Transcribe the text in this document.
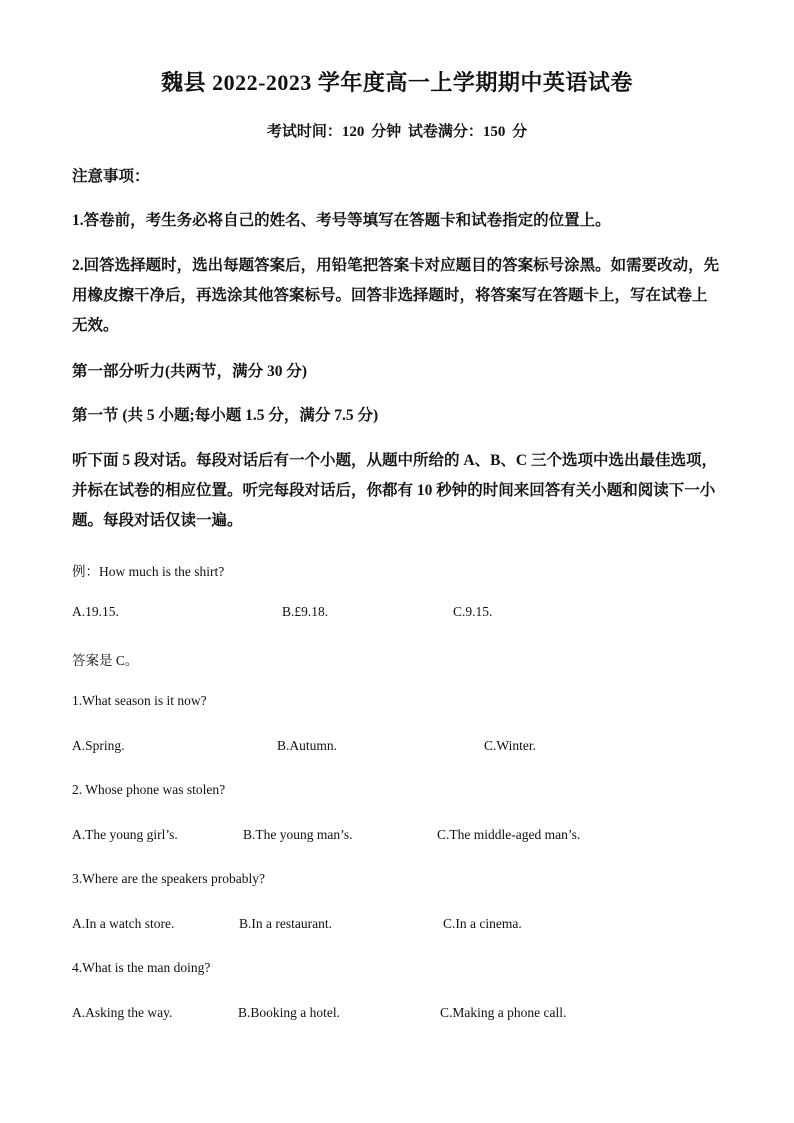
魏县 2022-2023 学年度高一上学期期中英语试卷
考试时间：120 分钟 试卷满分：150 分
注意事项：
1.答卷前，考生务必将自己的姓名、考号等填写在答题卡和试卷指定的位置上。
2.回答选择题时，选出每题答案后，用铅笔把答案卡对应题目的答案标号涂黑。如需要改动，先用橡皮擦干净后，再选涂其他答案标号。回答非选择题时，将答案写在答题卡上，写在试卷上无效。
第一部分听力(共两节，满分 30 分)
第一节 (共 5 小题;每小题 1.5 分，满分 7.5 分)
听下面 5 段对话。每段对话后有一个小题，从题中所给的 A、B、C 三个选项中选出最佳选项，并标在试卷的相应位置。听完每段对话后，你都有 10 秒钟的时间来回答有关小题和阅读下一小题。每段对话仅读一遍。
例：How much is the shirt?
A.19.15.	B.£9.18.	C.9.15.
答案是 C。
1.What season is it now?
A.Spring.	B.Autumn.	C.Winter.
2. Whose phone was stolen?
A.The young girl’s.	B.The young man’s.	C.The middle-aged man’s.
3.Where are the speakers probably?
A.In a watch store.	B.In a restaurant.	C.In a cinema.
4.What is the man doing?
A.Asking the way.	B.Booking a hotel.	C.Making a phone call.
